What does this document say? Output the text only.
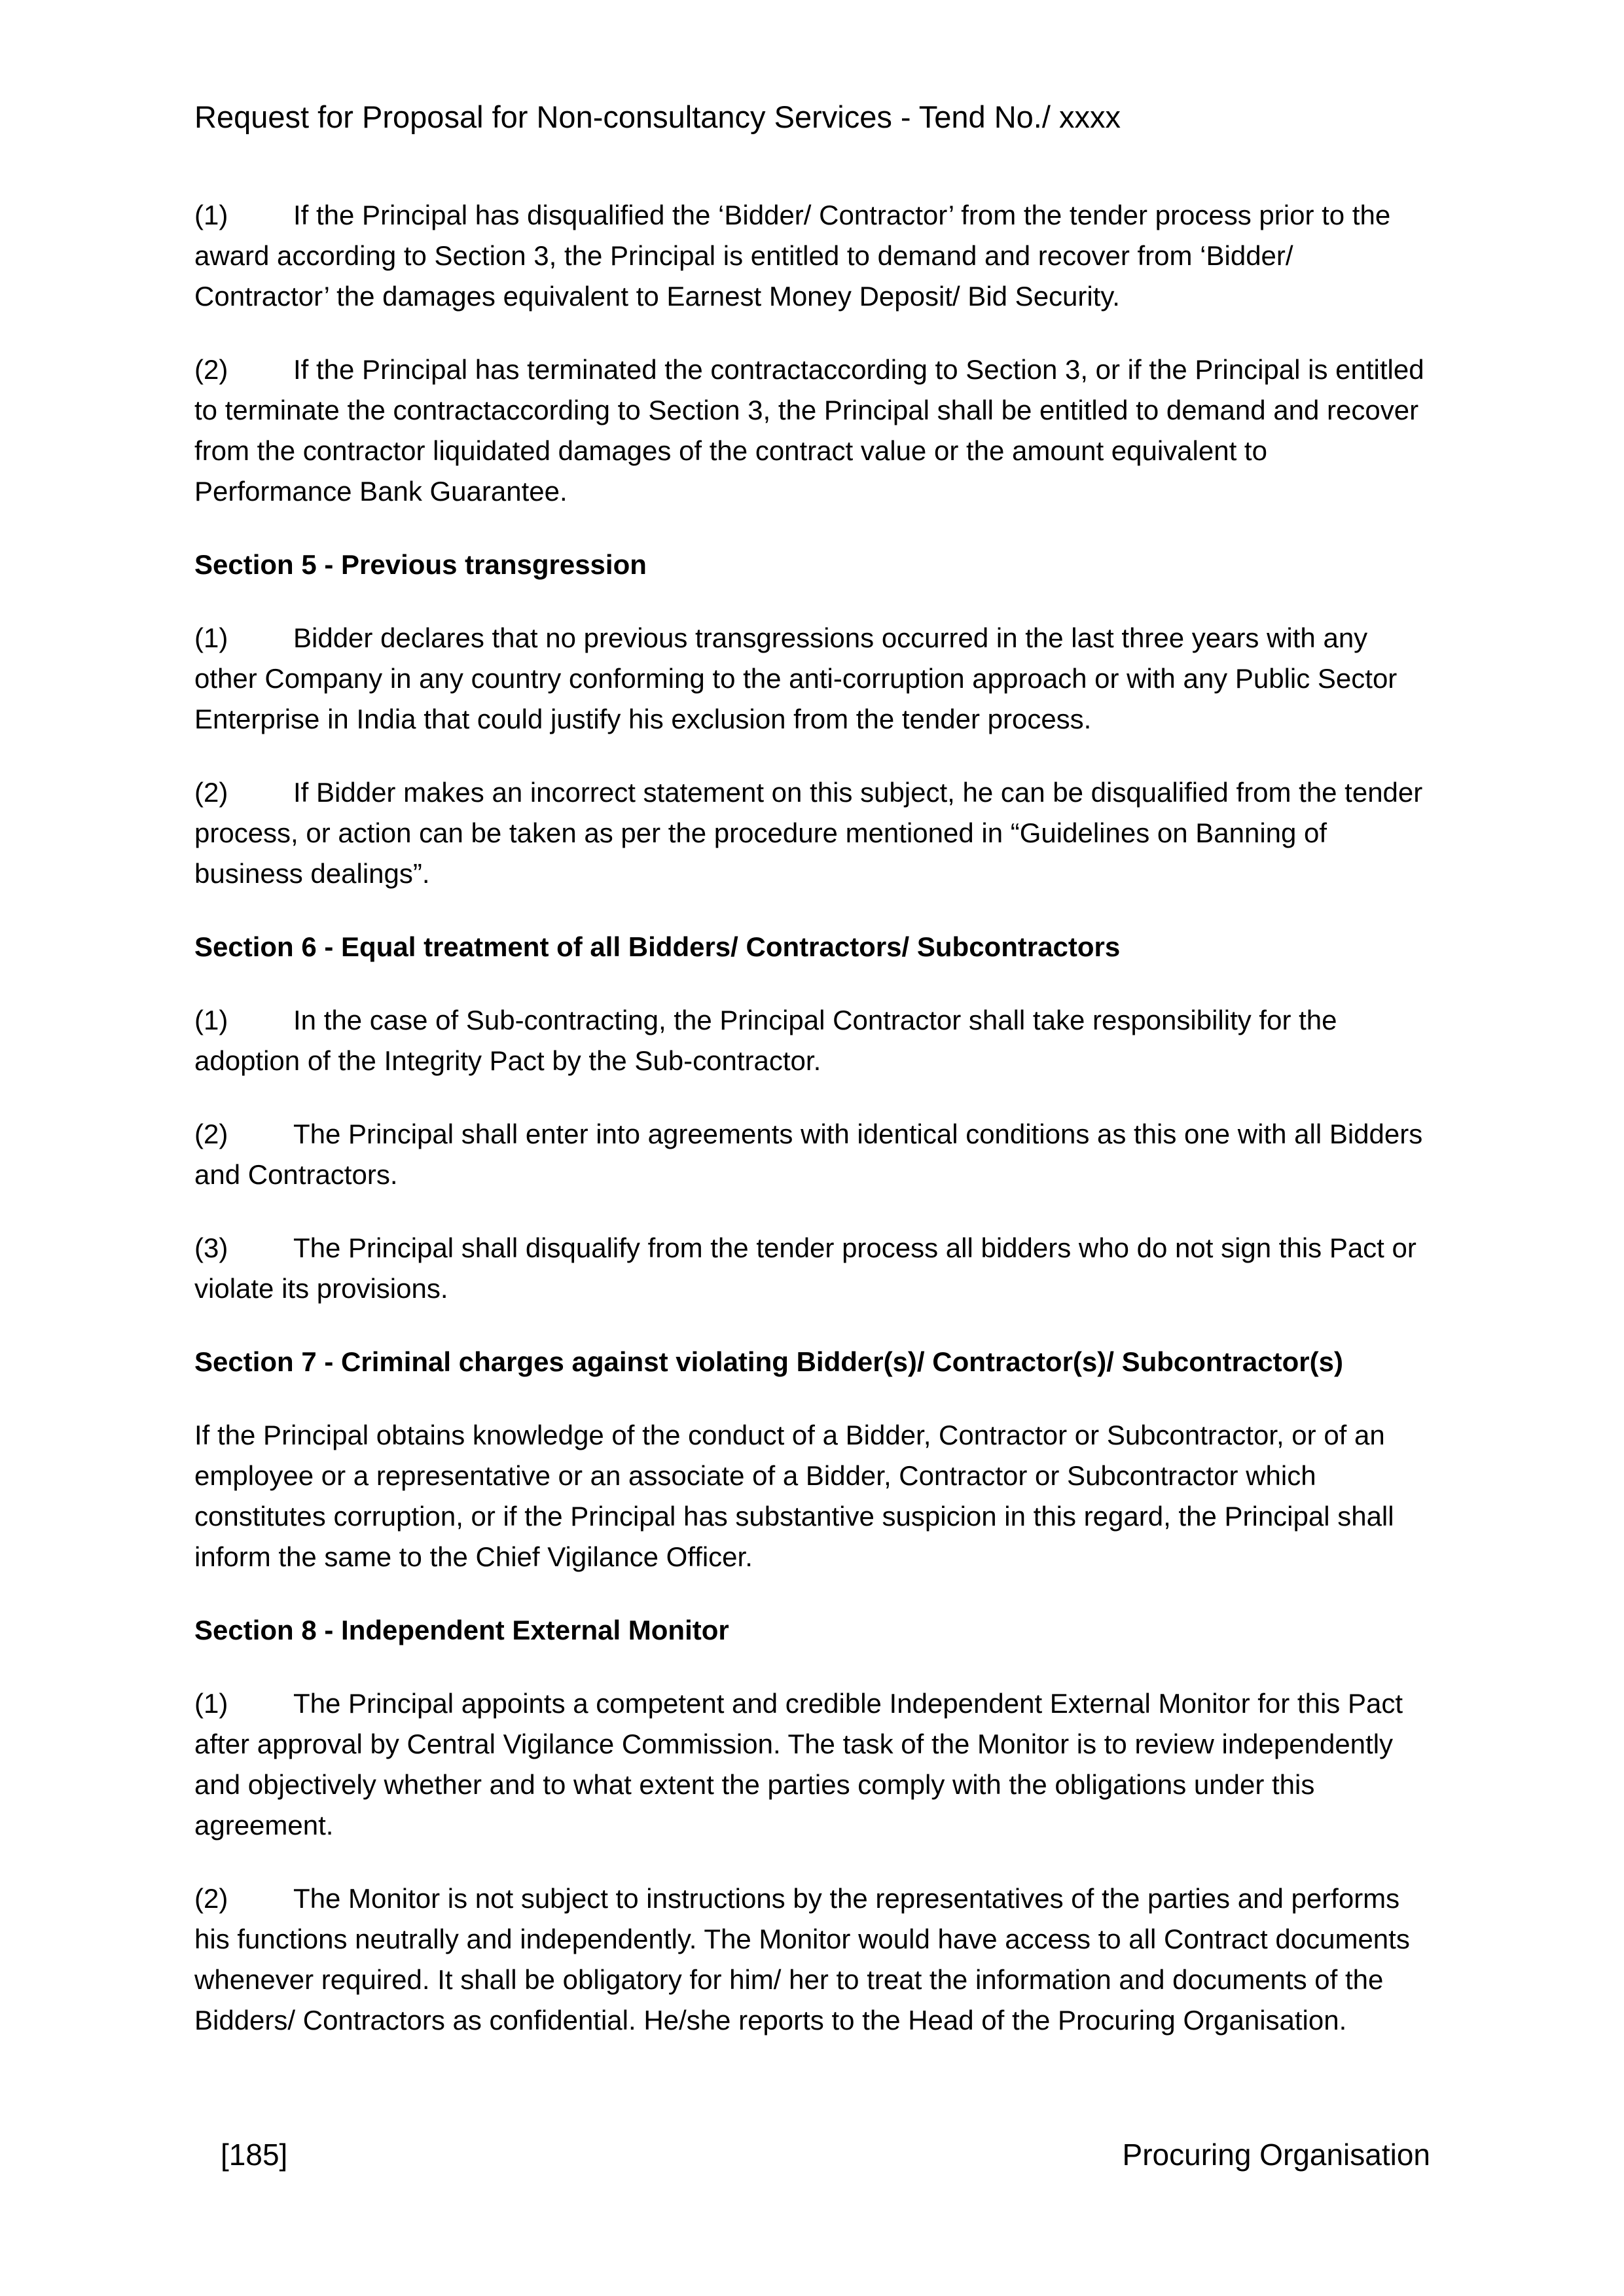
Request for Proposal for Non-consultancy Services - Tend No./ xxxx

(1) If the Principal has disqualified the ‘Bidder/ Contractor’ from the tender process prior to the award according to Section 3, the Principal is entitled to demand and recover from ‘Bidder/ Contractor’ the damages equivalent to Earnest Money Deposit/ Bid Security.

(2) If the Principal has terminated the contractaccording to Section 3, or if the Principal is entitled to terminate the contractaccording to Section 3, the Principal shall be entitled to demand and recover from the contractor liquidated damages of the contract value or the amount equivalent to Performance Bank Guarantee.

Section 5 - Previous transgression

(1) Bidder declares that no previous transgressions occurred in the last three years with any other Company in any country conforming to the anti-corruption approach or with any Public Sector Enterprise in India that could justify his exclusion from the tender process.

(2) If Bidder makes an incorrect statement on this subject, he can be disqualified from the tender process, or action can be taken as per the procedure mentioned in “Guidelines on Banning of business dealings”.

Section 6 - Equal treatment of all Bidders/ Contractors/ Subcontractors

(1) In the case of Sub-contracting, the Principal Contractor shall take responsibility for the adoption of the Integrity Pact by the Sub-contractor.

(2) The Principal shall enter into agreements with identical conditions as this one with all Bidders and Contractors.

(3) The Principal shall disqualify from the tender process all bidders who do not sign this Pact or violate its provisions.

Section 7 - Criminal charges against violating Bidder(s)/ Contractor(s)/ Subcontractor(s)

If the Principal obtains knowledge of the conduct of a Bidder, Contractor or Subcontractor, or of an employee or a representative or an associate of a Bidder, Contractor or Subcontractor which constitutes corruption, or if the Principal has substantive suspicion in this regard, the Principal shall inform the same to the Chief Vigilance Officer.

Section 8 - Independent External Monitor

(1) The Principal appoints a competent and credible Independent External Monitor for this Pact after approval by Central Vigilance Commission. The task of the Monitor is to review independently and objectively whether and to what extent the parties comply with the obligations under this agreement.

(2) The Monitor is not subject to instructions by the representatives of the parties and performs his functions neutrally and independently. The Monitor would have access to all Contract documents whenever required. It shall be obligatory for him/ her to treat the information and documents of the Bidders/ Contractors as confidential. He/she reports to the Head of the Procuring Organisation.

[185]	Procuring Organisation
